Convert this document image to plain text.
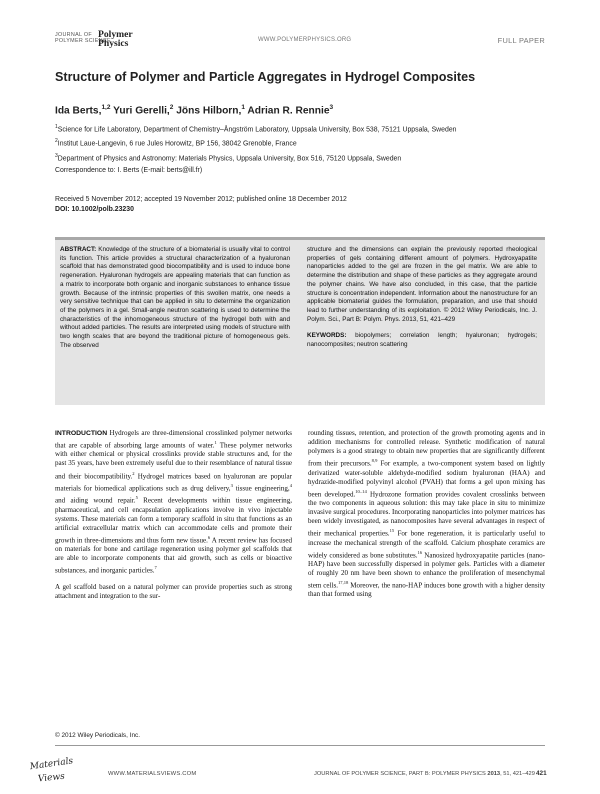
JOURNAL OF
POLYMER SCIENCE
Polymer
Physics	WWW.POLYMERPHYSICS.ORG	FULL PAPER
Structure of Polymer and Particle Aggregates in Hydrogel Composites
Ida Berts,$^{1,2}$ Yuri Gerelli,$^2$ Jöns Hilborn,$^1$ Adrian R. Rennie$^3$

$^1$Science for Life Laboratory, Department of Chemistry–Ångström Laboratory, Uppsala University, Box 538, 75121 Uppsala, Sweden

$^2$Institut Laue-Langevin, 6 rue Jules Horowitz, BP 156, 38042 Grenoble, France

$^3$Department of Physics and Astronomy: Materials Physics, Uppsala University, Box 516, 75120 Uppsala, Sweden

Correspondence to: I. Berts (E-mail: berts@ill.fr)

Received 5 November 2012; accepted 19 November 2012; published online 18 December 2012
DOI: 10.1002/polb.23230

ABSTRACT: Knowledge of the structure of a biomaterial is usually vital to control its function. This article provides a structural characterization of a hyaluronan scaffold that has demonstrated good biocompatibility and is used to induce bone regeneration. Hyaluronan hydrogels are appealing materials that can function as a matrix to incorporate both organic and inorganic substances to enhance tissue growth. Because of the intrinsic properties of this swollen matrix, one needs a very sensitive technique that can be applied in situ to determine the organization of the polymers in a gel. Small-angle neutron scattering is used to determine the characteristics of the inhomogeneous structure of the hydrogel both with and without added particles. The results are interpreted using models of structure with two length scales that are beyond the traditional picture of homogeneous gels. The observed

structure and the dimensions can explain the previously reported rheological properties of gels containing different amount of polymers. Hydroxyapatite nanoparticles added to the gel are frozen in the gel matrix. We are able to determine the distribution and shape of these particles as they aggregate around the polymer chains. We have also concluded, in this case, that the particle structure is concentration independent. Information about the nanostructure for an applicable biomaterial guides the formulation, preparation, and use that should lead to further understanding of its exploitation. © 2012 Wiley Periodicals, Inc. J. Polym. Sci., Part B: Polym. Phys. 2013, 51, 421–429

KEYWORDS: biopolymers; correlation length; hyaluronan; hydrogels; nanocomposites; neutron scattering

INTRODUCTION Hydrogels are three-dimensional crosslinked polymer networks that are capable of absorbing large amounts of water.$^1$ These polymer networks with either chemical or physical crosslinks provide stable structures and, for the past 35 years, have been extremely useful due to their resemblance of natural tissue and their biocompatibility.$^2$ Hydrogel matrices based on hyaluronan are popular materials for biomedical applications such as drug delivery,$^3$ tissue engineering,$^4$ and aiding wound repair.$^5$ Recent developments within tissue engineering, pharmaceutical, and cell encapsulation applications involve in vivo injectable systems. These materials can form a temporary scaffold in situ that functions as an artificial extracellular matrix which can accommodate cells and promote their growth in three-dimensions and thus form new tissue.$^6$ A recent review has focused on materials for bone and cartilage regeneration using polymer gel scaffolds that are able to incorporate components that aid growth, such as cells or bioactive substances, and inorganic particles.$^7$

A gel scaffold based on a natural polymer can provide properties such as strong attachment and integration to the sur-

rounding tissues, retention, and protection of the growth promoting agents and in addition mechanisms for controlled release. Synthetic modification of natural polymers is a good strategy to obtain new properties that are significantly different from their precursors.$^{8,9}$ For example, a two-component system based on lightly derivatized water-soluble aldehyde-modified sodium hyaluronan (HAA) and hydrazide-modified polyvinyl alcohol (PVAH) that forms a gel upon mixing has been developed.$^{10-14}$ Hydrozone formation provides covalent crosslinks between the two components in aqueous solution: this may take place in situ to minimize invasive surgical procedures. Incorporating nanoparticles into polymer matrices has been widely investigated, as nanocomposites have several advantages in respect of their mechanical properties.$^{15}$ For bone regeneration, it is particularly useful to increase the mechanical strength of the scaffold. Calcium phosphate ceramics are widely considered as bone substitutes.$^{16}$ Nanosized hydroxyapatite particles (nano-HAP) have been successfully dispersed in polymer gels. Particles with a diameter of roughly 20 nm have been shown to enhance the proliferation of mesenchymal stem cells.$^{17,18}$ Moreover, the nano-HAP induces bone growth with a higher density than that formed using

© 2012 Wiley Periodicals, Inc.
Materials
Views	WWW.MATERIALSVIEWS.COM	JOURNAL OF POLYMER SCIENCE, PART B: POLYMER PHYSICS 2013, 51, 421–429 421
